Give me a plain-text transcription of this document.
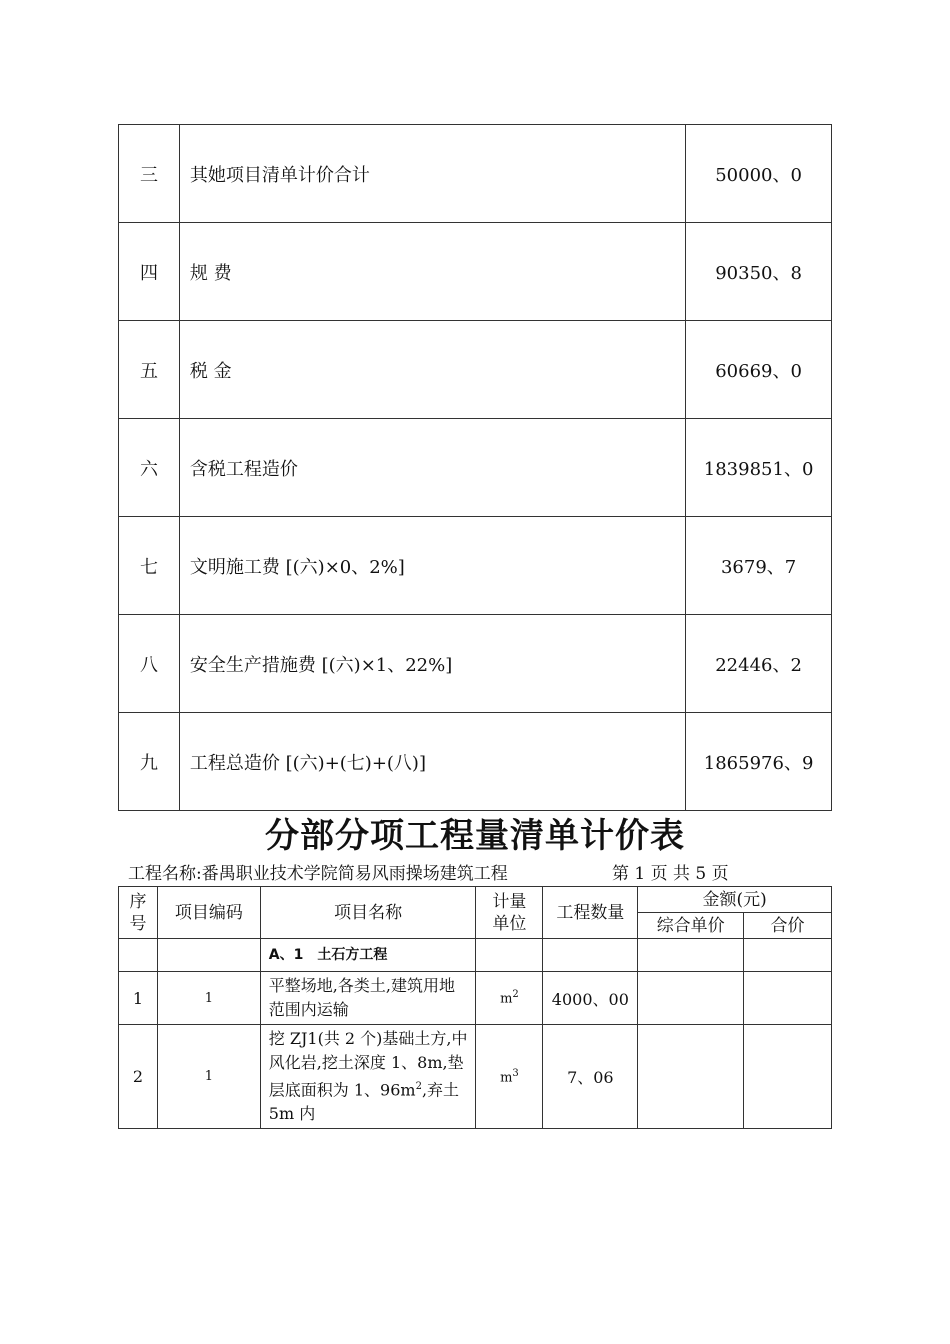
三	其她项目清单计价合计	50000、0
四	规 费	90350、8
五	税 金	60669、0
六	含税工程造价	1839851、0
七	文明施工费 [(六)×0、2%]	3679、7
八	安全生产措施费 [(六)×1、22%]	22446、2
九	工程总造价 [(六)+(七)+(八)]	1865976、9
分部分项工程量清单计价表
工程名称:番禺职业技术学院简易风雨操场建筑工程	第 1 页 共 5 页
序号	项目编码	项目名称	计量单位	工程数量	金额(元)	
					综合单价	合价
		A、1　土石方工程				
1	1	平整场地,各类土,建筑用地范围内运输	$m^2$	4000、00		
2	1	挖 ZJ1(共 2 个)基础土方,中风化岩,挖土深度 1、8m,垫层底面积为 1、$96m^2$,弃土5m 内	$m^3$	7、06		
